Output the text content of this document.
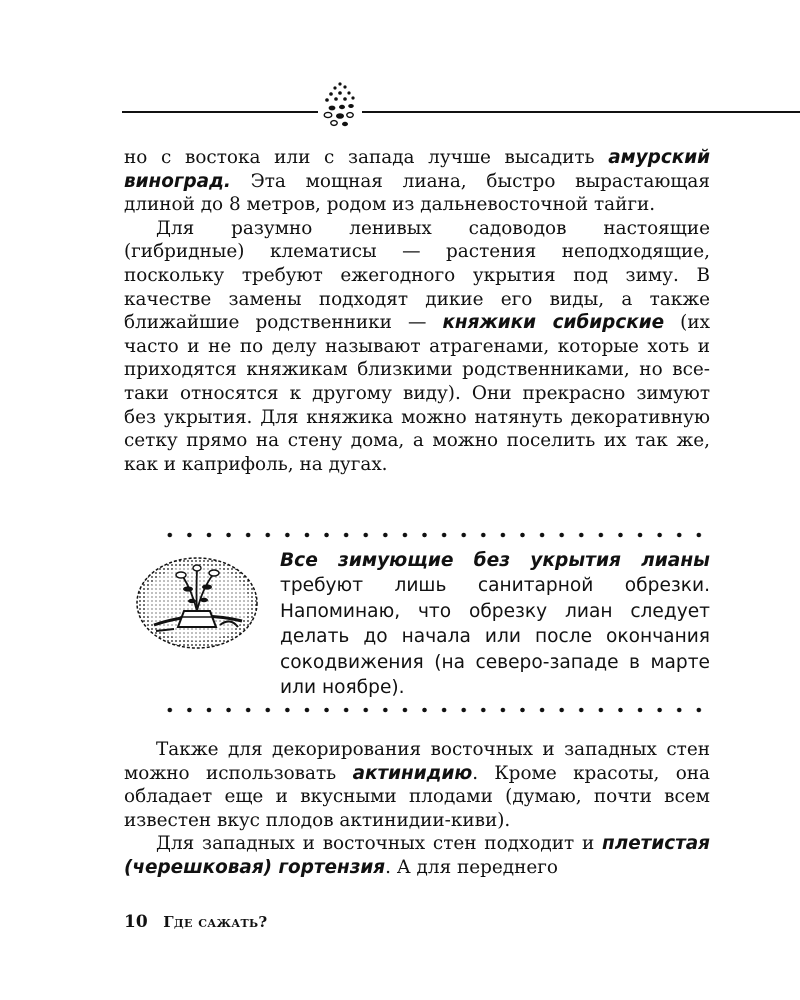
но с востока или с запада лучше высадить амурский виноград. Эта мощная лиана, быстро вырастающая длиной до 8 метров, родом из дальневосточной тайги.

Для разумно ленивых садоводов настоящие (гибридные) клематисы — растения неподходящие, поскольку требуют ежегодного укрытия под зиму. В качестве замены подходят дикие его виды, а также ближайшие родственники — княжики сибирские (их часто и не по делу называют атрагенами, которые хоть и приходятся княжикам близкими родственниками, но все-таки относятся к другому виду). Они прекрасно зимуют без укрытия. Для княжика можно натянуть декоративную сетку прямо на стену дома, а можно поселить их так же, как и каприфоль, на дугах.

Все зимующие без укрытия лианы требуют лишь санитарной обрезки. Напоминаю, что обрезку лиан следует делать до начала или после окончания сокодвижения (на северо-западе в марте или ноябре).

Также для декорирования восточных и западных стен можно использовать актинидию. Кроме красоты, она обладает еще и вкусными плодами (думаю, почти всем известен вкус плодов актинидии-киви).

Для западных и восточных стен подходит и плетистая (черешковая) гортензия. А для переднего

10 Где сажать?
